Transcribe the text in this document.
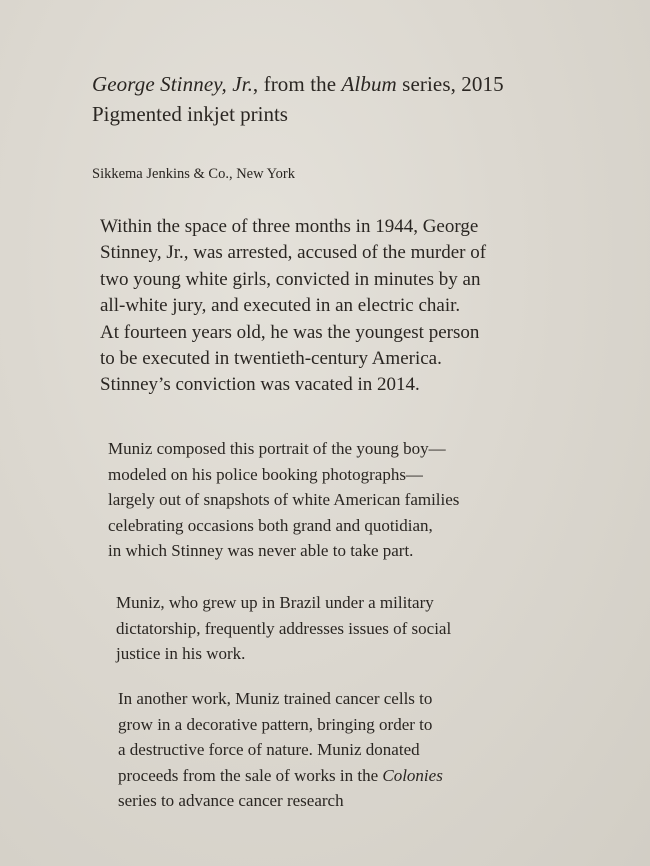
George Stinney, Jr., from the Album series, 2015
Pigmented inkjet prints
Sikkema Jenkins & Co., New York
Within the space of three months in 1944, George
Stinney, Jr., was arrested, accused of the murder of
two young white girls, convicted in minutes by an
all-white jury, and executed in an electric chair.
At fourteen years old, he was the youngest person
to be executed in twentieth-century America.
Stinney’s conviction was vacated in 2014.
Muniz composed this portrait of the young boy—
modeled on his police booking photographs—
largely out of snapshots of white American families
celebrating occasions both grand and quotidian,
in which Stinney was never able to take part.
Muniz, who grew up in Brazil under a military
dictatorship, frequently addresses issues of social
justice in his work.
In another work, Muniz trained cancer cells to
grow in a decorative pattern, bringing order to
a destructive force of nature. Muniz donated
proceeds from the sale of works in the Colonies
series to advance cancer research
